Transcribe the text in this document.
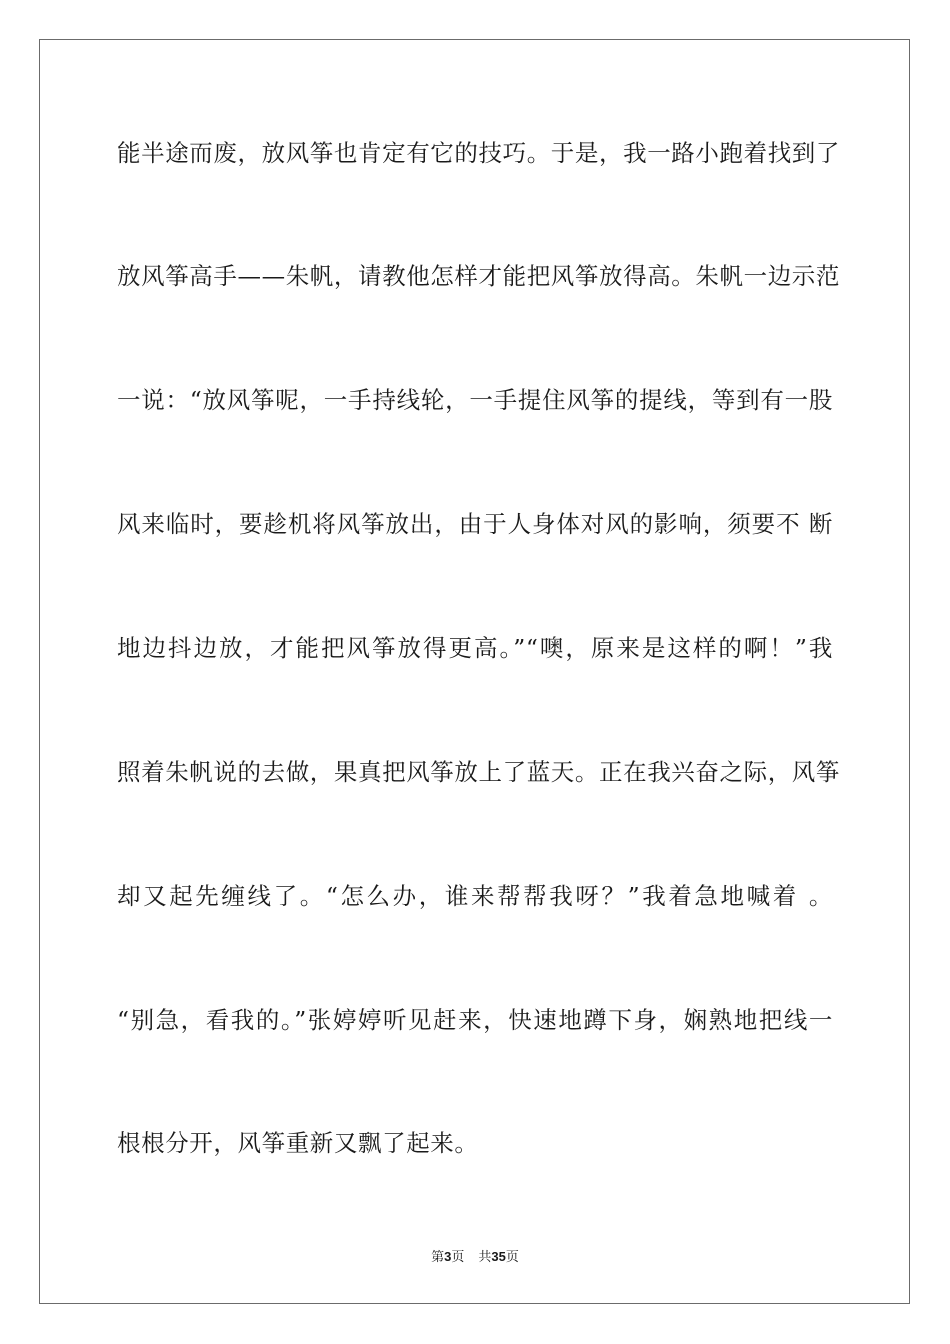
能半途而废，放风筝也肯定有它的技巧。于是，我一路小跑着找到了
放风筝高手——朱帆，请教他怎样才能把风筝放得高。朱帆一边示范
一说：“放风筝呢，一手持线轮，一手提住风筝的提线，等到有一股
风来临时，要趁机将风筝放出，由于人身体对风的影响，须要不 断
地边抖边放，才能把风筝放得更高。”“噢，原来是这样的啊！”我
照着朱帆说的去做，果真把风筝放上了蓝天。正在我兴奋之际，风筝
却又起先缠线了。“怎么办，谁来帮帮我呀？”我着急地喊着 。
“别急，看我的。”张婷婷听见赶来，快速地蹲下身，娴熟地把线一
根根分开，风筝重新又飘了起来。
第3页 共35页
